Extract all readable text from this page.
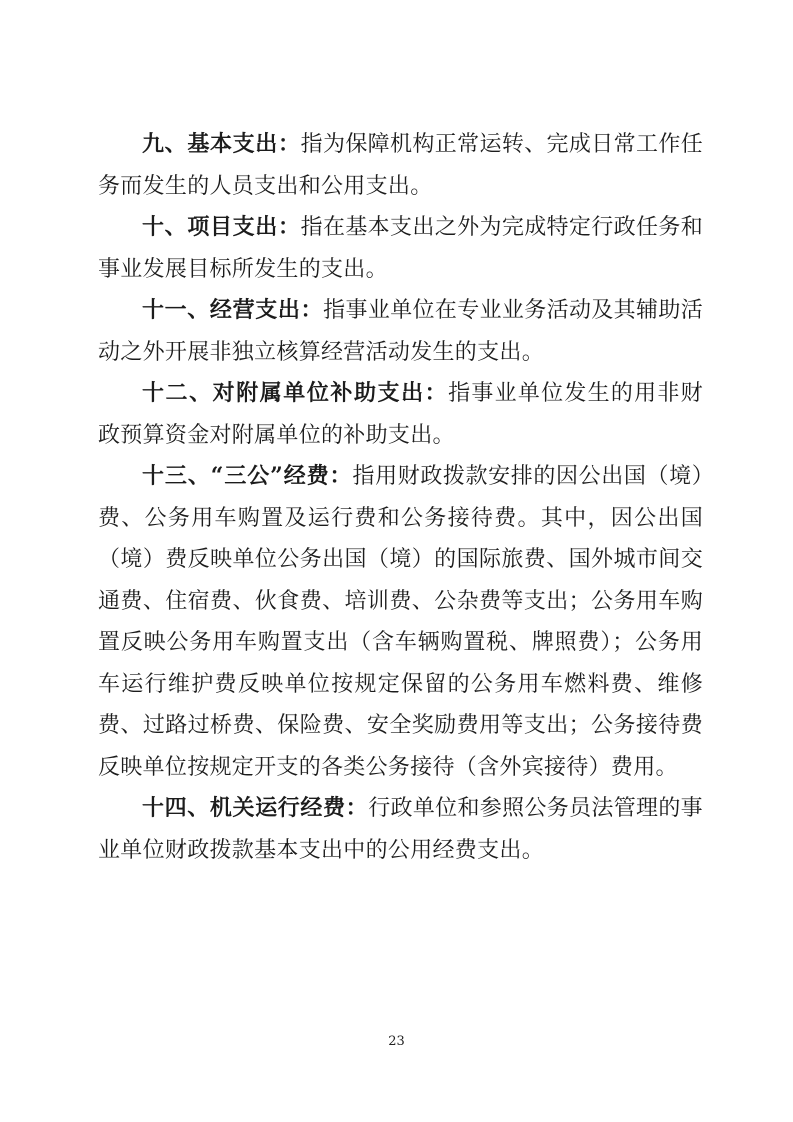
九、基本支出：指为保障机构正常运转、完成日常工作任务而发生的人员支出和公用支出。

十、项目支出：指在基本支出之外为完成特定行政任务和事业发展目标所发生的支出。

十一、经营支出：指事业单位在专业业务活动及其辅助活动之外开展非独立核算经营活动发生的支出。

十二、对附属单位补助支出：指事业单位发生的用非财政预算资金对附属单位的补助支出。

十三、“三公”经费：指用财政拨款安排的因公出国（境）费、公务用车购置及运行费和公务接待费。其中，因公出国（境）费反映单位公务出国（境）的国际旅费、国外城市间交通费、住宿费、伙食费、培训费、公杂费等支出；公务用车购置反映公务用车购置支出（含车辆购置税、牌照费）；公务用车运行维护费反映单位按规定保留的公务用车燃料费、维修费、过路过桥费、保险费、安全奖励费用等支出；公务接待费反映单位按规定开支的各类公务接待（含外宾接待）费用。

十四、机关运行经费：行政单位和参照公务员法管理的事业单位财政拨款基本支出中的公用经费支出。

23
